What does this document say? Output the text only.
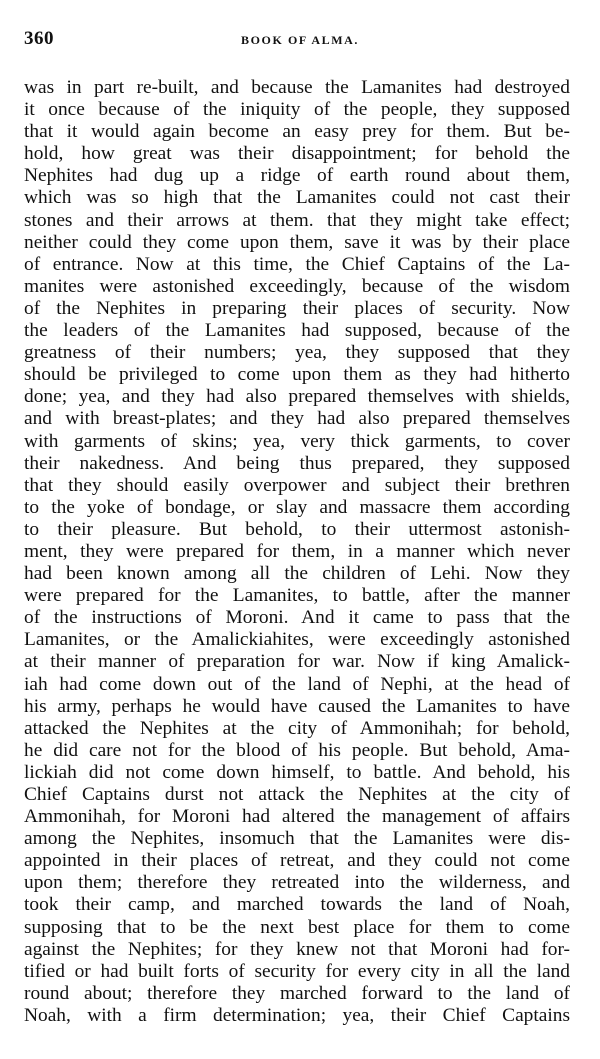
360	BOOK OF ALMA.
was in part re-built, and because the Lamanites had destroyed
it once because of the iniquity of the people, they supposed
that it would again become an easy prey for them. But be-
hold, how great was their disappointment; for behold the
Nephites had dug up a ridge of earth round about them,
which was so high that the Lamanites could not cast their
stones and their arrows at them. that they might take effect;
neither could they come upon them, save it was by their place
of entrance. Now at this time, the Chief Captains of the La-
manites were astonished exceedingly, because of the wisdom
of the Nephites in preparing their places of security. Now
the leaders of the Lamanites had supposed, because of the
greatness of their numbers; yea, they supposed that they
should be privileged to come upon them as they had hitherto
done; yea, and they had also prepared themselves with shields,
and with breast-plates; and they had also prepared themselves
with garments of skins; yea, very thick garments, to cover
their nakedness. And being thus prepared, they supposed
that they should easily overpower and subject their brethren
to the yoke of bondage, or slay and massacre them according
to their pleasure. But behold, to their uttermost astonish-
ment, they were prepared for them, in a manner which never
had been known among all the children of Lehi. Now they
were prepared for the Lamanites, to battle, after the manner
of the instructions of Moroni. And it came to pass that the
Lamanites, or the Amalickiahites, were exceedingly astonished
at their manner of preparation for war. Now if king Amalick-
iah had come down out of the land of Nephi, at the head of
his army, perhaps he would have caused the Lamanites to have
attacked the Nephites at the city of Ammonihah; for behold,
he did care not for the blood of his people. But behold, Ama-
lickiah did not come down himself, to battle. And behold, his
Chief Captains durst not attack the Nephites at the city of
Ammonihah, for Moroni had altered the management of affairs
among the Nephites, insomuch that the Lamanites were dis-
appointed in their places of retreat, and they could not come
upon them; therefore they retreated into the wilderness, and
took their camp, and marched towards the land of Noah,
supposing that to be the next best place for them to come
against the Nephites; for they knew not that Moroni had for-
tified or had built forts of security for every city in all the land
round about; therefore they marched forward to the land of
Noah, with a firm determination; yea, their Chief Captains
